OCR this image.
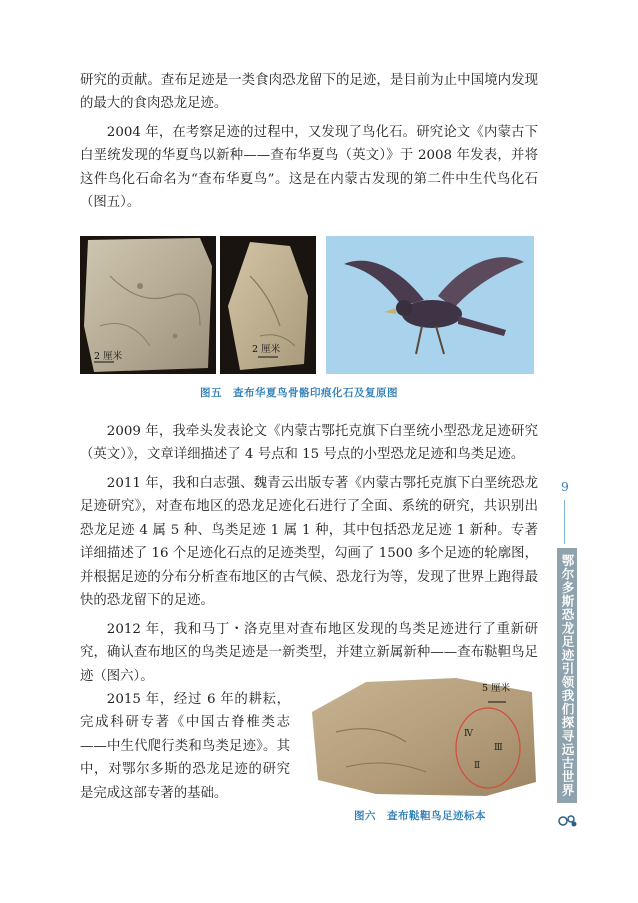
研究的贡献。查布足迹是一类食肉恐龙留下的足迹，是目前为止中国境内发现的最大的食肉恐龙足迹。

2004 年，在考察足迹的过程中，又发现了鸟化石。研究论文《内蒙古下白垩统发现的华夏鸟以新种——查布华夏鸟（英文）》于 2008 年发表，并将这件鸟化石命名为“查布华夏鸟”。这是在内蒙古发现的第二件中生代鸟化石（图五）。

2 厘米
2 厘米
图五　查布华夏鸟骨骼印痕化石及复原图

2009 年，我牵头发表论文《内蒙古鄂托克旗下白垩统小型恐龙足迹研究（英文）》，文章详细描述了 4 号点和 15 号点的小型恐龙足迹和鸟类足迹。

2011 年，我和白志强、魏青云出版专著《内蒙古鄂托克旗下白垩统恐龙足迹研究》，对查布地区的恐龙足迹化石进行了全面、系统的研究，共识别出恐龙足迹 4 属 5 种、鸟类足迹 1 属 1 种，其中包括恐龙足迹 1 新种。专著详细描述了 16 个足迹化石点的足迹类型，勾画了 1500 多个足迹的轮廓图，并根据足迹的分布分析查布地区的古气候、恐龙行为等，发现了世界上跑得最快的恐龙留下的足迹。

2012 年，我和马丁・洛克里对查布地区发现的鸟类足迹进行了重新研究，确认查布地区的鸟类足迹是一新类型，并建立新属新种——查布鞑靼鸟足迹（图六）。

2015 年，经过 6 年的耕耘，完成科研专著《中国古脊椎类志——中生代爬行类和鸟类足迹》。其中，对鄂尔多斯的恐龙足迹的研究是完成这部专著的基础。

Ⅳ
Ⅲ
Ⅱ
5 厘米
图六　查布鞑靼鸟足迹标本
9
鄂尔多斯恐龙足迹引领我们探寻远古世界
